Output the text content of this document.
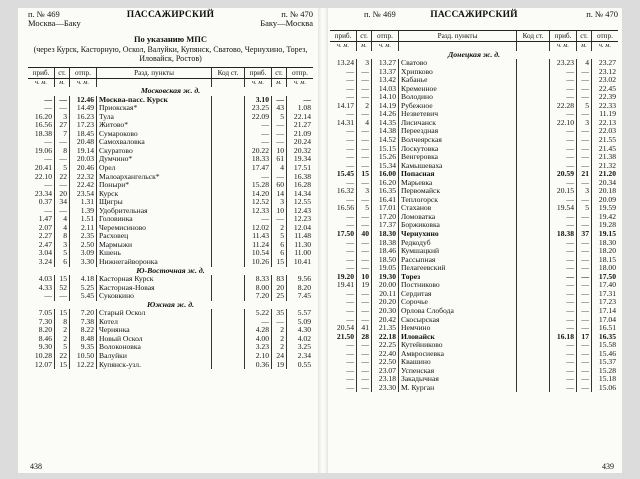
п. № 469
Москва—Баку
ПАССАЖИРСКИЙ	п. № 470
Баку—Москва
По указанию МПС
(через Курск, Касторную, Оскол, Валуйки, Купянск, Сватово, Чернухино, Торез, Иловайск, Ростов)
приб.	ст.	отпр.	Разд. пункты	Код ст.	приб.	ст.	отпр.
ч. м.	м.	ч. м.			ч. м.	м.	ч. м.
Московская ж. д.							
—	—	12.46	Москва-пасс. Курск		3.10	—	—
—	—	14.49	Приокская*		23.25	43	1.08
16.20	3	16.23	Тула		22.09	5	22.14
16.56	27	17.23	Житово*		—	—	21.27
18.38	7	18.45	Сумароково		—	—	21.09
—	—	20.48	Самохваловка		—	—	20.24
19.06	8	19.14	Скуратово		20.22	10	20.32
—	—	20.03	Думчино*		18.33	61	19.34
20.41	5	20.46	Орел		17.47	4	17.51
22.10	22	22.32	Малоархангельск*		—	—	16.38
—	—	22.42	Поныри*		15.28	60	16.28
23.34	20	23.54	Курск		14.20	14	14.34
0.37	34	1.31	Щигры		12.52	3	12.55
—	—	1.39	Удобрительная		12.33	10	12.43
1.47	4	1.51	Головинка		—	—	12.23
2.07	4	2.11	Черемисиново		12.02	2	12.04
2.27	8	2.35	Расховец		11.43	5	11.48
2.47	3	2.50	Мармыжи		11.24	6	11.30
3.04	5	3.09	Кшень		10.54	6	11.00
3.24	6	3.30	Нижнегайворонка		10.26	15	10.41
Ю-Восточная ж. д.							
4.03	15	4.18	Касторная Курск		8.33	83	9.56
4.33	52	5.25	Касторная-Новая		8.00	20	8.20
—	—	5.45	Суковкино		7.20	25	7.45
Южная ж. д.							
7.05	15	7.20	Старый Оскол		5.22	35	5.57
7.30	8	7.38	Котел		—	—	5.09
8.20	2	8.22	Чернянка		4.28	2	4.30
8.46	2	8.48	Новый Оскол		4.00	2	4.02
9.30	5	9.35	Волоконовка		3.23	2	3.25
10.28	22	10.50	Валуйки		2.10	24	2.34
12.07	15	12.22	Купянск-узл.		0.36	19	0.55
438
п. № 469	ПАССАЖИРСКИЙ	п. № 470
приб.	ст.	отпр.	Разд. пункты	Код ст.	приб.	ст.	отпр.
ч. м.	м.	ч. м.			ч. м.	м.	ч. м.
Донецкая ж. д.							
13.24	3	13.27	Сватово		23.23	4	23.27
—	—	13.37	Хрипково		—	—	23.12
—	—	13.42	Кабанье		—	—	23.02
—	—	14.03	Кременное		—	—	22.45
—	—	14.10	Володино		—	—	22.39
14.17	2	14.19	Рубежное		22.28	5	22.33
—	—	14.26	Незветевич		—	—	11.19
14.31	4	14.35	Лисичанск		22.10	3	22.13
—	—	14.38	Переездная		—	—	22.03
—	—	14.52	Волчеярская		—	—	21.55
—	—	15.15	Лоскутовка		—	—	21.45
—	—	15.26	Венгеровка		—	—	21.38
—	—	15.34	Камышеваха		—	—	21.32
15.45	15	16.00	Попасная		20.59	21	21.20
—	—	16.20	Марьевка		—	—	20.34
16.32	3	16.35	Первомайск		20.15	3	20.18
—	—	16.41	Теплогорск		—	—	20.09
16.56	5	17.01	Стаханов		19.54	5	19.59
—	—	17.20	Ломоватка		—	—	19.42
—	—	17.37	Боржиковка		—	—	19.28
17.50	40	18.30	Чернухино		18.38	37	19.15
—	—	18.38	Редкодуб		—	—	18.30
—	—	18.46	Кумшацкий		—	—	18.20
—	—	18.50	Рассыпная		—	—	18.15
—	—	19.05	Пелагеевский		—	—	18.00
19.20	10	19.30	Торез		—	—	17.50
19.41	19	20.00	Постниково		—	—	17.40
—	—	20.11	Сердитая		—	—	17.31
—	—	20.20	Сорочье		—	—	17.23
—	—	20.30	Орлова Слобода		—	—	17.14
—	—	20.42	Скосырская		—	—	17.04
20.54	41	21.35	Немчино		—	—	16.51
21.50	28	22.18	Иловайск		16.18	17	16.35
—	—	22.25	Кутейниково		—	—	15.58
—	—	22.40	Амвросиевка		—	—	15.46
—	—	22.50	Квашино		—	—	15.37
—	—	23.07	Успенская		—	—	15.28
—	—	23.18	Закадычная		—	—	15.18
—	—	23.30	М. Курган		—	—	15.06
439
